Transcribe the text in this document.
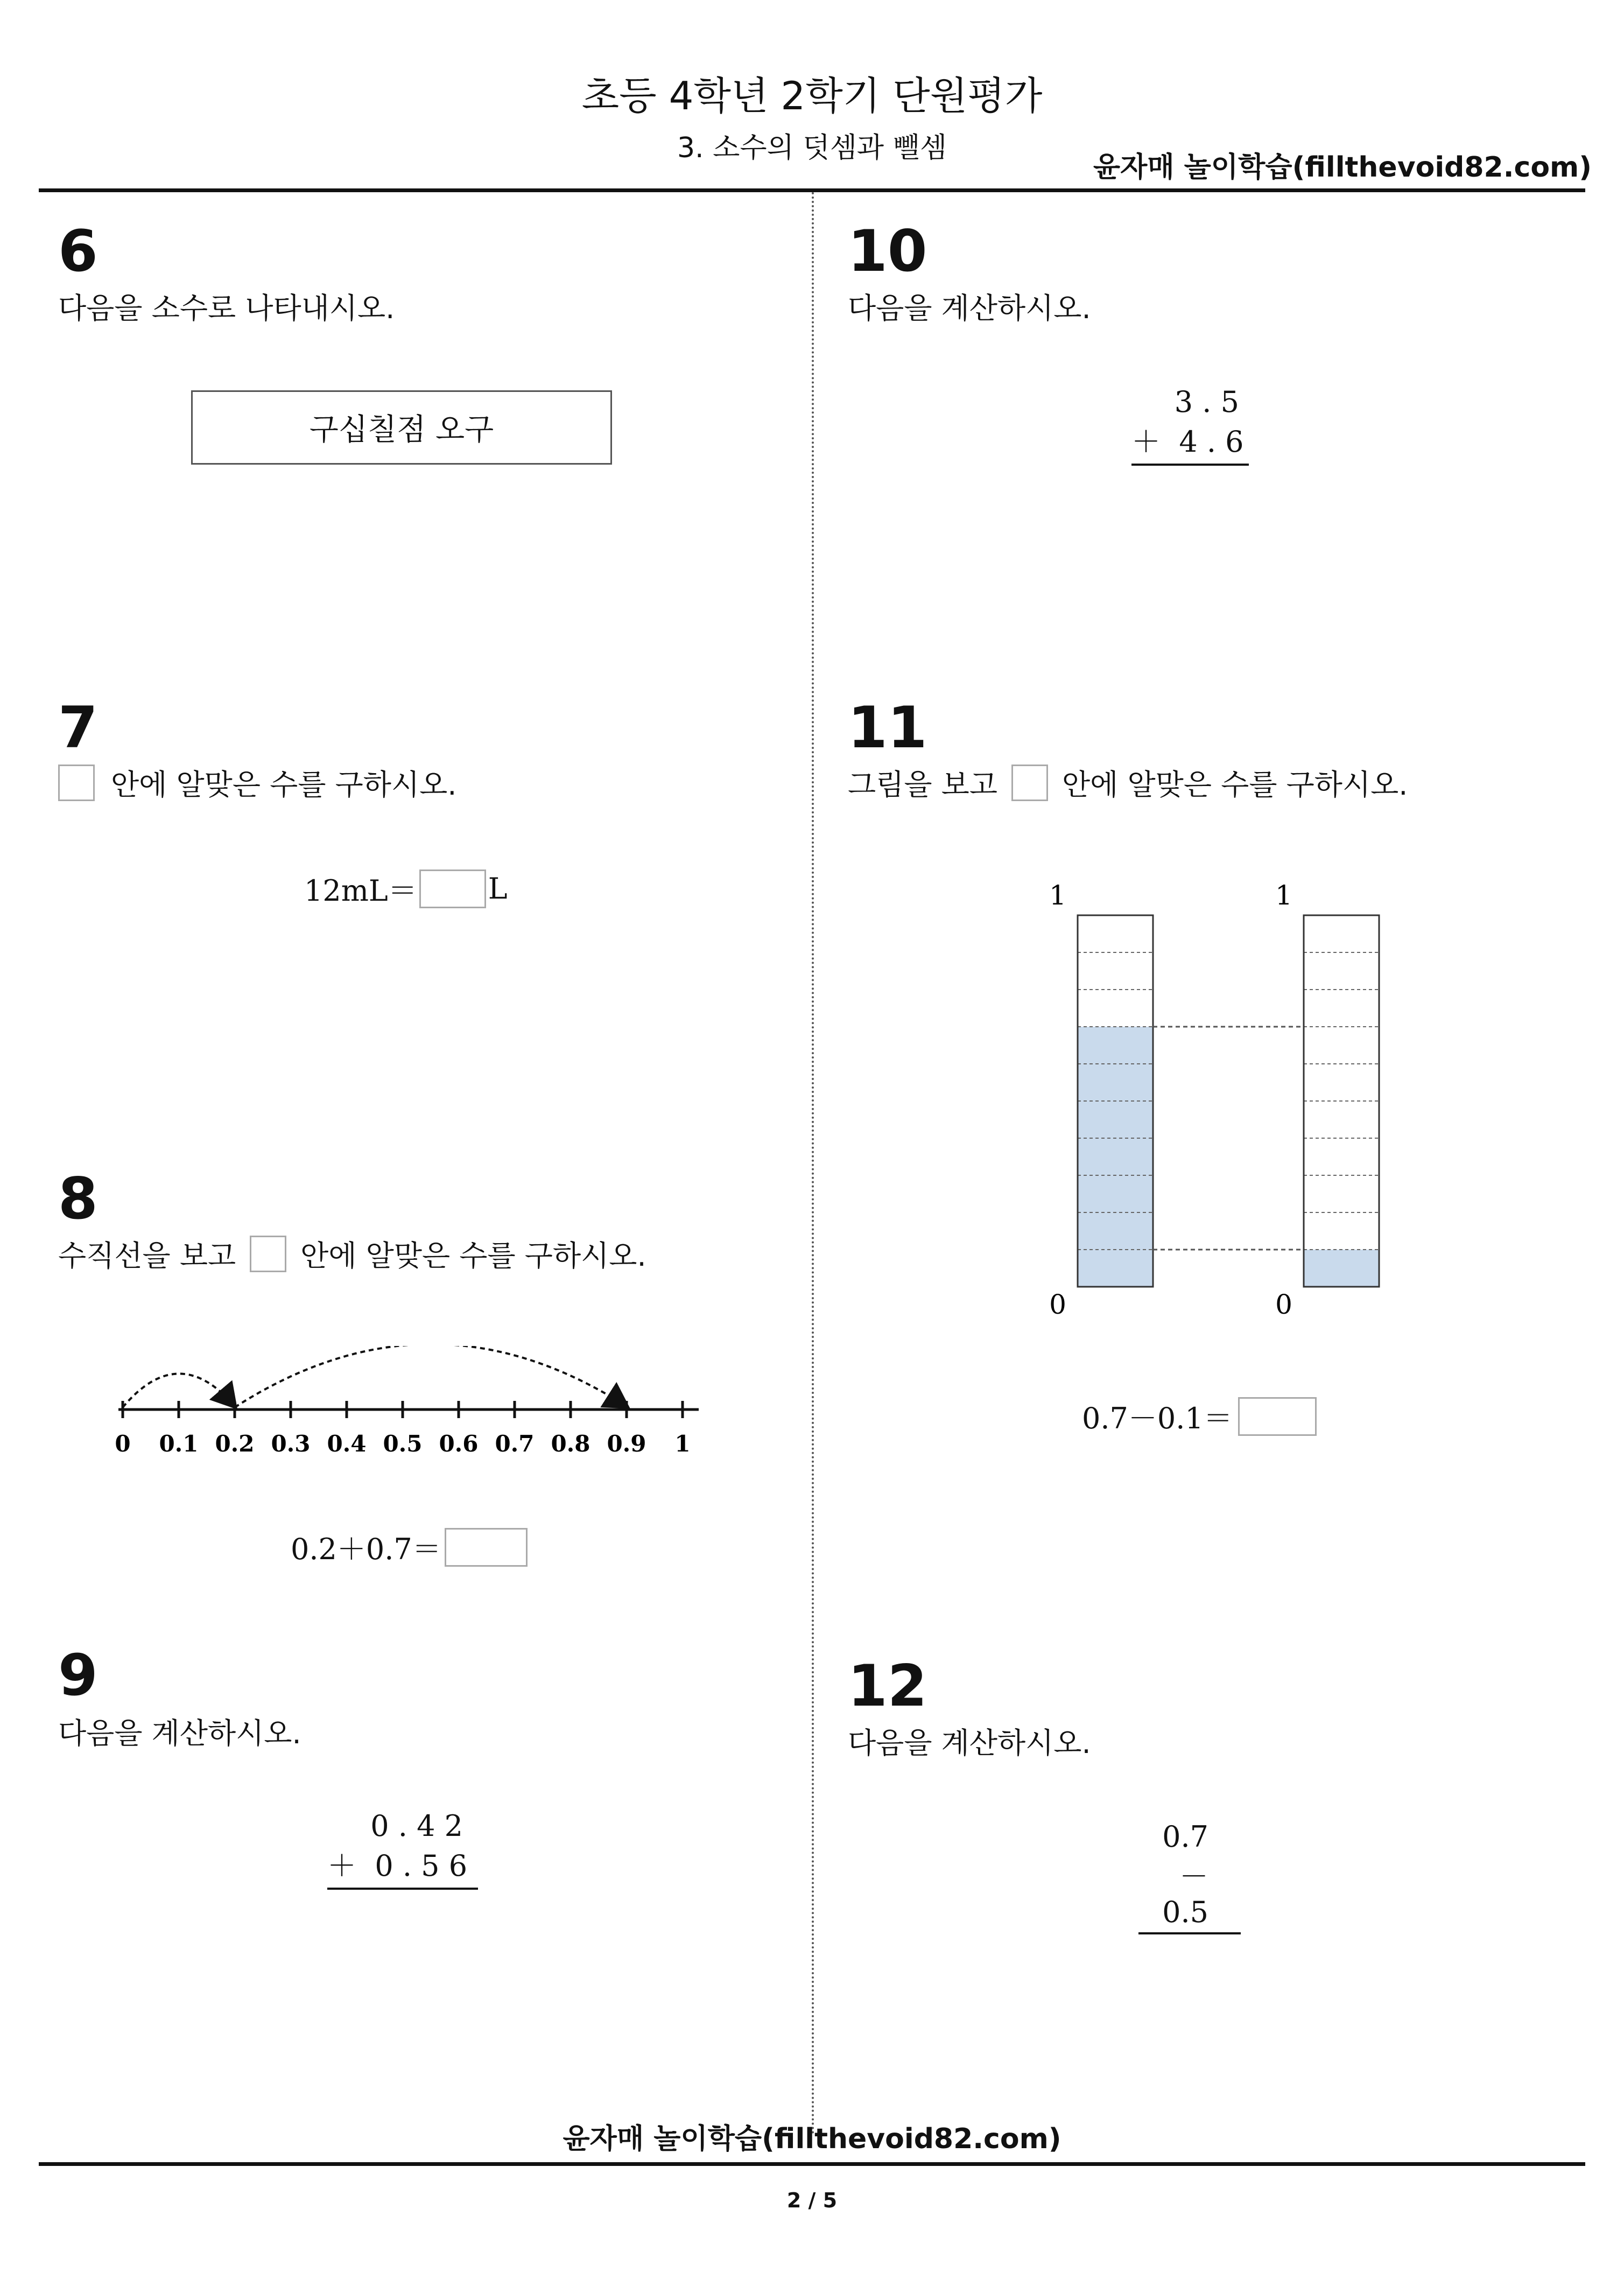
초등 4학년 2학기 단원평가
3. 소수의 덧셈과 뺄셈
윤자매 놀이학습(fillthevoid82.com)
6
다음을 소수로 나타내시오.
구십칠점 오구
7
안에 알맞은 수를 구하시오.
12mL＝ L
8
수직선을 보고 안에 알맞은 수를 구하시오.
0 0.1 0.2 0.3 0.4 0.5 0.6 0.7 0.8 0.9 1
0.2＋0.7＝
9
다음을 계산하시오.
0 . 4 2
＋  0 . 5 6
10
다음을 계산하시오.
3 . 5
＋  4 . 6
11
그림을 보고 안에 알맞은 수를 구하시오.
1	1
0	0
0.7－0.1＝
12
다음을 계산하시오.
0.7
－0.5
윤자매 놀이학습(fillthevoid82.com)
2 / 5
